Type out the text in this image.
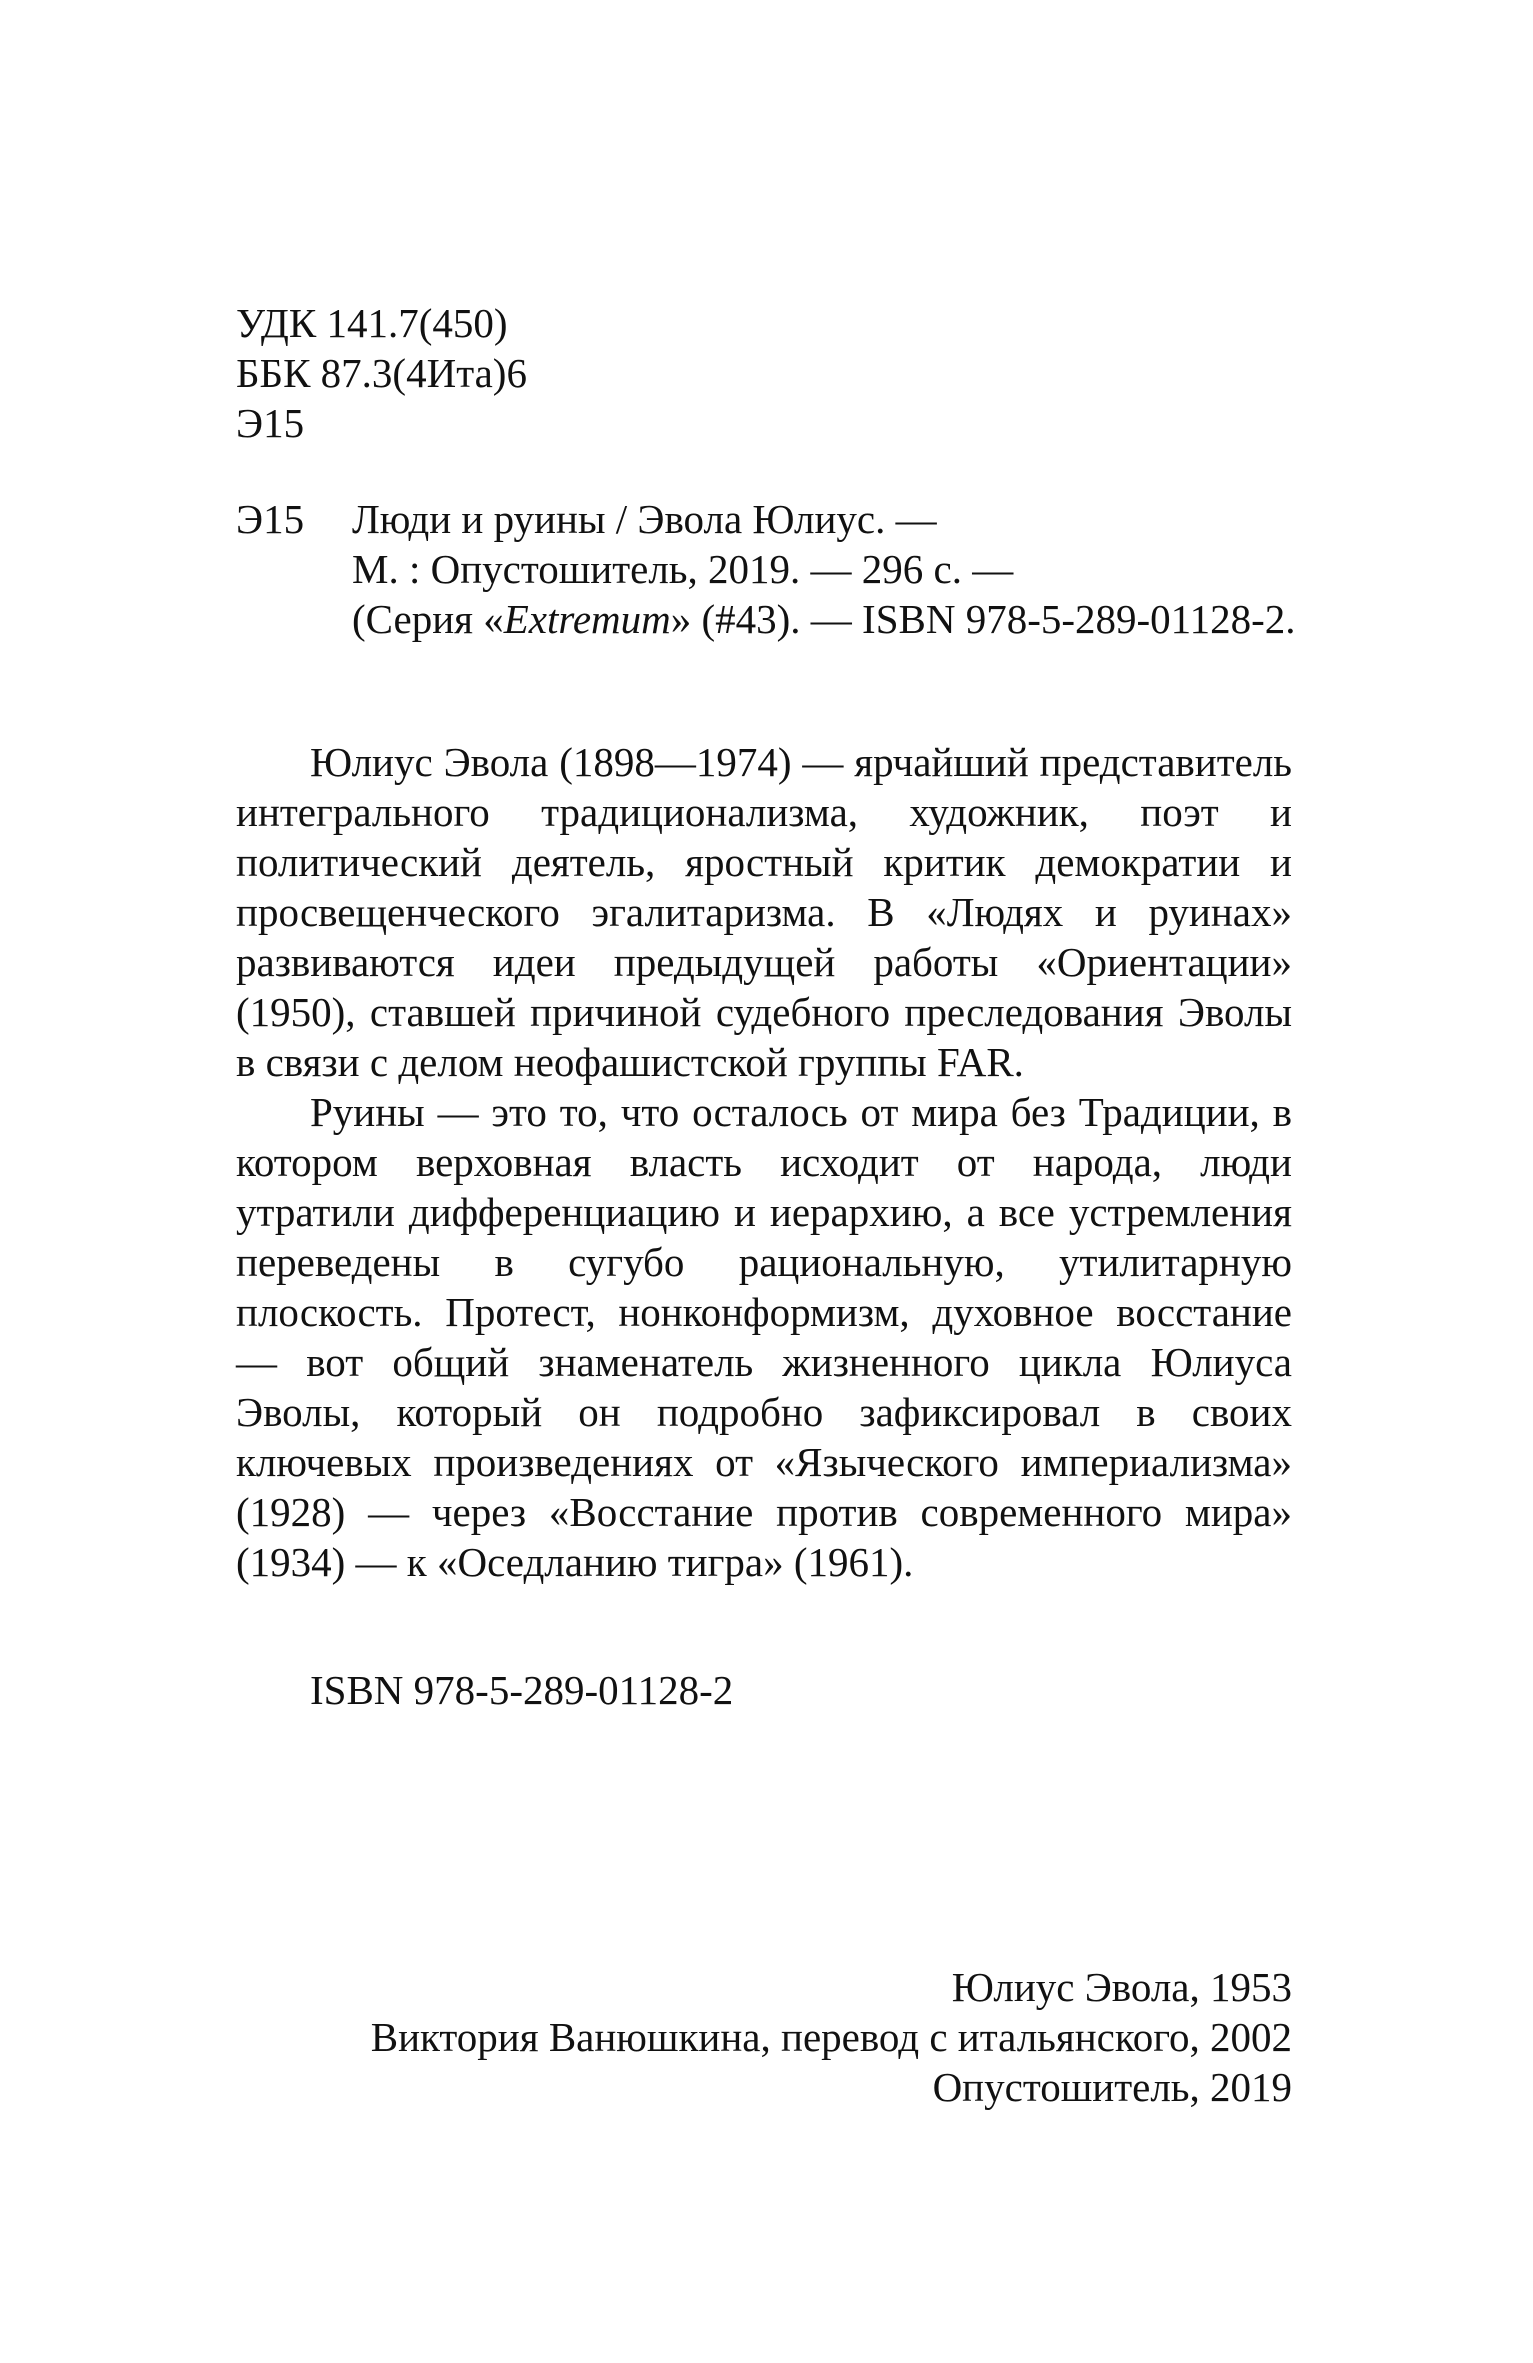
УДК 141.7(450)
ББК 87.3(4Ита)6
Э15
Э15 Люди и руины / Эвола Юлиус. —
М. : Опустошитель, 2019. — 296 с. —
(Серия «Extremum» (#43). — ISBN 978-5-289-01128-2.

Юлиус Эвола (1898—1974) — ярчайший представитель интегрального традиционализма, художник, поэт и политический деятель, яростный критик демократии и просвещенческого эгалитаризма. В «Людях и руинах» развиваются идеи предыдущей работы «Ориентации» (1950), ставшей причиной судебного преследования Эволы в связи с делом неофашистской группы FAR.

Руины — это то, что осталось от мира без Традиции, в котором верховная власть исходит от народа, люди утратили дифференциацию и иерархию, а все устремления переведены в сугубо рациональную, утилитарную плоскость. Протест, нонконформизм, духовное восстание — вот общий знаменатель жизненного цикла Юлиуса Эволы, который он подробно зафиксировал в своих ключевых произведениях от «Языческого империализма» (1928) — через «Восстание против современного мира» (1934) — к «Оседланию тигра» (1961).

ISBN 978-5-289-01128-2
Юлиус Эвола, 1953
Виктория Ванюшкина, перевод с итальянского, 2002
Опустошитель, 2019
